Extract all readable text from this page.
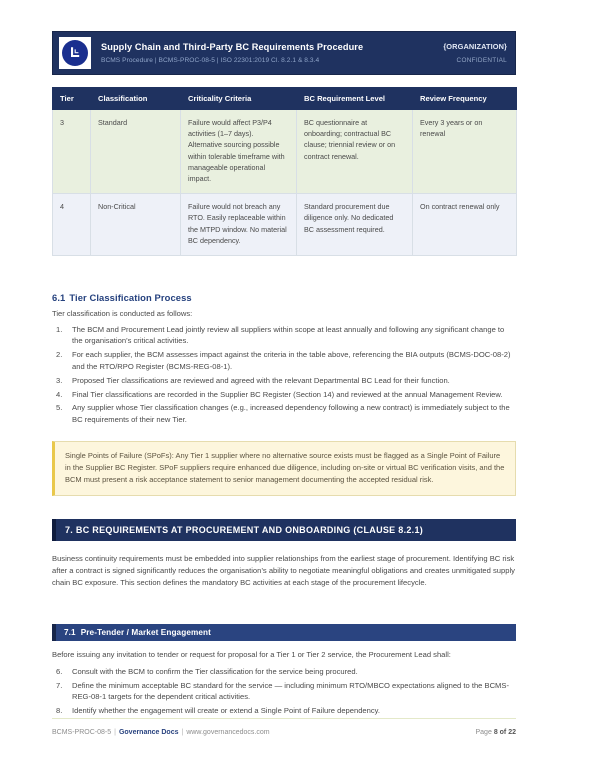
Supply Chain and Third-Party BC Requirements Procedure
BCMS Procedure | BCMS-PROC-08-5 | ISO 22301:2019 Cl. 8.2.1 & 8.3.4
{ORGANIZATION}
CONFIDENTIAL
Tier	Classification	Criticality Criteria	BC Requirement Level	Review Frequency
3	Standard	Failure would affect P3/P4 activities (1–7 days). Alternative sourcing possible within tolerable timeframe with manageable operational impact.	BC questionnaire at onboarding; contractual BC clause; triennial review or on contract renewal.	Every 3 years or on renewal
4	Non-Critical	Failure would not breach any RTO. Easily replaceable within the MTPD window. No material BC dependency.	Standard procurement due diligence only. No dedicated BC assessment required.	On contract renewal only
6.1 Tier Classification Process
Tier classification is conducted as follows:
1.	The BCM and Procurement Lead jointly review all suppliers within scope at least annually and following any significant change to the organisation’s critical activities.
2.	For each supplier, the BCM assesses impact against the criteria in the table above, referencing the BIA outputs (BCMS-DOC-08-2) and the RTO/RPO Register (BCMS-REG-08-1).
3.	Proposed Tier classifications are reviewed and agreed with the relevant Departmental BC Lead for their function.
4.	Final Tier classifications are recorded in the Supplier BC Register (Section 14) and reviewed at the annual Management Review.
5.	Any supplier whose Tier classification changes (e.g., increased dependency following a new contract) is immediately subject to the BC requirements of their new Tier.
Single Points of Failure (SPoFs): Any Tier 1 supplier where no alternative source exists must be flagged as a Single Point of Failure in the Supplier BC Register. SPoF suppliers require enhanced due diligence, including on-site or virtual BC verification visits, and the BCM must present a risk acceptance statement to senior management documenting the accepted residual risk.
7. BC REQUIREMENTS AT PROCUREMENT AND ONBOARDING (CLAUSE 8.2.1)
Business continuity requirements must be embedded into supplier relationships from the earliest stage of procurement. Identifying BC risk after a contract is signed significantly reduces the organisation’s ability to negotiate meaningful obligations and creates unmitigated supply chain BC exposure. This section defines the mandatory BC activities at each stage of the procurement lifecycle.
7.1 Pre-Tender / Market Engagement
Before issuing any invitation to tender or request for proposal for a Tier 1 or Tier 2 service, the Procurement Lead shall:
6.	Consult with the BCM to confirm the Tier classification for the service being procured.
7.	Define the minimum acceptable BC standard for the service — including minimum RTO/MBCO expectations aligned to the BCMS-REG-08-1 targets for the dependent critical activities.
8.	Identify whether the engagement will create or extend a Single Point of Failure dependency.
BCMS-PROC-08-5 | Governance Docs | www.governancedocs.com	Page 8 of 22
